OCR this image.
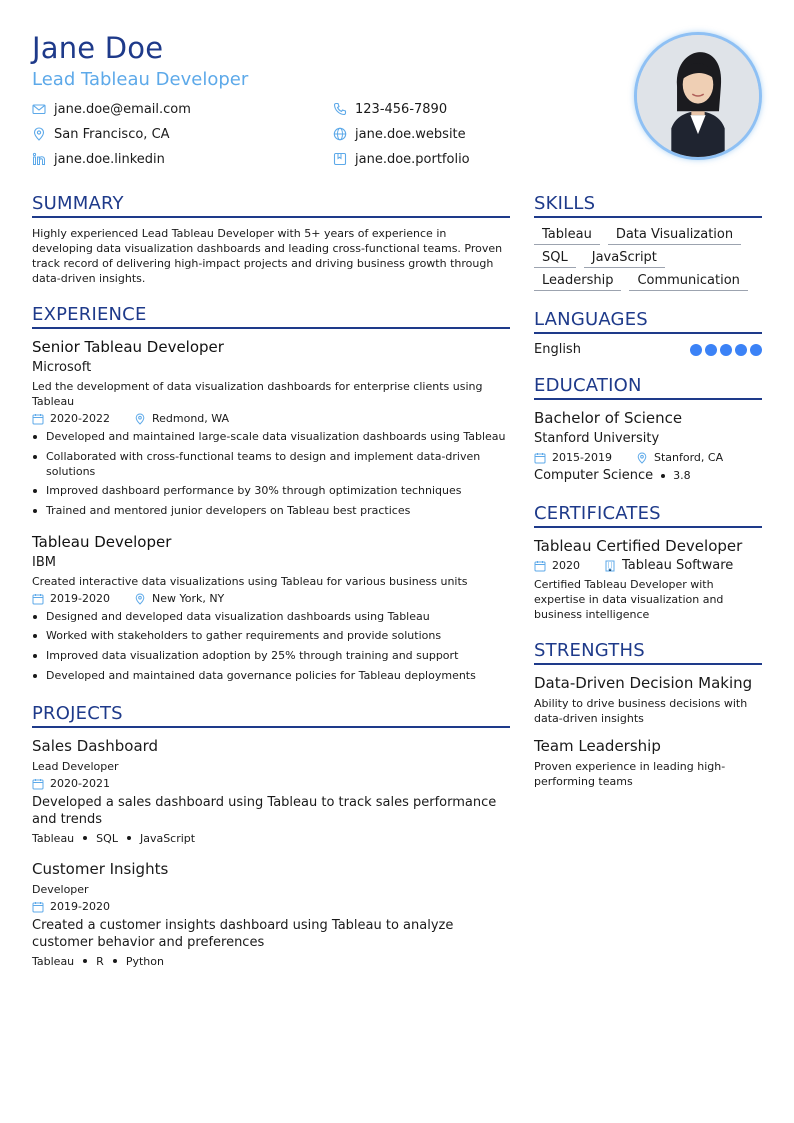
Jane Doe
Lead Tableau Developer
jane.doe@email.com	123-456-7890
San Francisco, CA	jane.doe.website
jane.doe.linkedin	jane.doe.portfolio
SUMMARY
Highly experienced Lead Tableau Developer with 5+ years of experience in developing data visualization dashboards and leading cross-functional teams. Proven track record of delivering high-impact projects and driving business growth through data-driven insights.
EXPERIENCE
Senior Tableau Developer
Microsoft
Led the development of data visualization dashboards for enterprise clients using Tableau
2020-2022	Redmond, WA
Developed and maintained large-scale data visualization dashboards using Tableau
Collaborated with cross-functional teams to design and implement data-driven solutions
Improved dashboard performance by 30% through optimization techniques
Trained and mentored junior developers on Tableau best practices
Tableau Developer
IBM
Created interactive data visualizations using Tableau for various business units
2019-2020	New York, NY
Designed and developed data visualization dashboards using Tableau
Worked with stakeholders to gather requirements and provide solutions
Improved data visualization adoption by 25% through training and support
Developed and maintained data governance policies for Tableau deployments
PROJECTS
Sales Dashboard
Lead Developer
2020-2021
Developed a sales dashboard using Tableau to track sales performance and trends
Tableau SQL JavaScript
Customer Insights
Developer
2019-2020
Created a customer insights dashboard using Tableau to analyze customer behavior and preferences
Tableau R Python
SKILLS
Tableau	Data Visualization
SQL	JavaScript
Leadership	Communication
LANGUAGES
English
EDUCATION
Bachelor of Science
Stanford University
2015-2019	Stanford, CA
Computer Science 3.8
CERTIFICATES
Tableau Certified Developer
2020	Tableau Software
Certified Tableau Developer with expertise in data visualization and business intelligence
STRENGTHS
Data-Driven Decision Making
Ability to drive business decisions with data-driven insights
Team Leadership
Proven experience in leading high-performing teams
